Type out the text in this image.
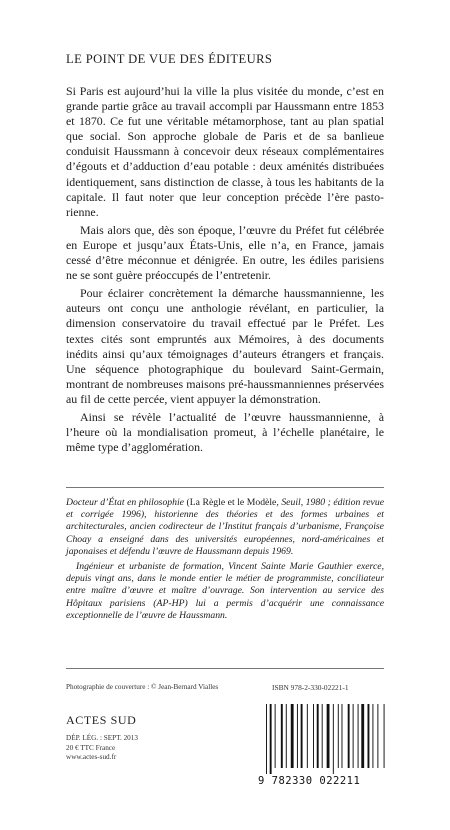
LE POINT DE VUE DES ÉDITEURS

Si Paris est aujourd’hui la ville la plus visitée du monde, c’est en grande partie grâce au travail accompli par Haussmann entre 1853 et 1870. Ce fut une véritable métamorphose, tant au plan spatial que social. Son approche globale de Paris et de sa banlieue conduisit Haussmann à concevoir deux réseaux complémentaires d’égouts et d’adduction d’eau potable : deux aménités distribuées identiquement, sans distinction de classe, à tous les habitants de la capitale. Il faut noter que leur conception précède l’ère pastorienne.

Mais alors que, dès son époque, l’œuvre du Préfet fut célébrée en Europe et jusqu’aux États-Unis, elle n’a, en France, jamais cessé d’être méconnue et dénigrée. En outre, les édiles parisiens ne se sont guère préoccupés de l’entretenir.

Pour éclairer concrètement la démarche haussmannienne, les auteurs ont conçu une anthologie révélant, en particulier, la dimension conservatoire du travail effectué par le Préfet. Les textes cités sont empruntés aux Mémoires, à des documents inédits ainsi qu’aux témoignages d’auteurs étrangers et français. Une séquence photographique du boulevard Saint-Germain, montrant de nombreuses maisons pré-haussmanniennes préservées au fil de cette percée, vient appuyer la démonstration.

Ainsi se révèle l’actualité de l’œuvre haussmannienne, à l’heure où la mondialisation promeut, à l’échelle planétaire, le même type d’agglomération.

Docteur d’État en philosophie (La Règle et le Modèle, Seuil, 1980 ; édition revue et corrigée 1996), historienne des théories et des formes urbaines et architecturales, ancien codirecteur de l’Institut français d’urbanisme, Françoise Choay a enseigné dans des universités européennes, nord-américaines et japonaises et défendu l’œuvre de Haussmann depuis 1969.

Ingénieur et urbaniste de formation, Vincent Sainte Marie Gauthier exerce, depuis vingt ans, dans le monde entier le métier de programmiste, conciliateur entre maître d’œuvre et maître d’ouvrage. Son intervention au service des Hôpitaux parisiens (AP-HP) lui a permis d’acquérir une connaissance exceptionnelle de l’œuvre de Haussmann.

Photographie de couverture : © Jean-Bernard Vialles	ISBN 978-2-330-02221-1
ACTES SUD
DÉP. LÉG. : SEPT. 2013
20 € TTC France
www.actes-sud.fr
9 782330 022211
